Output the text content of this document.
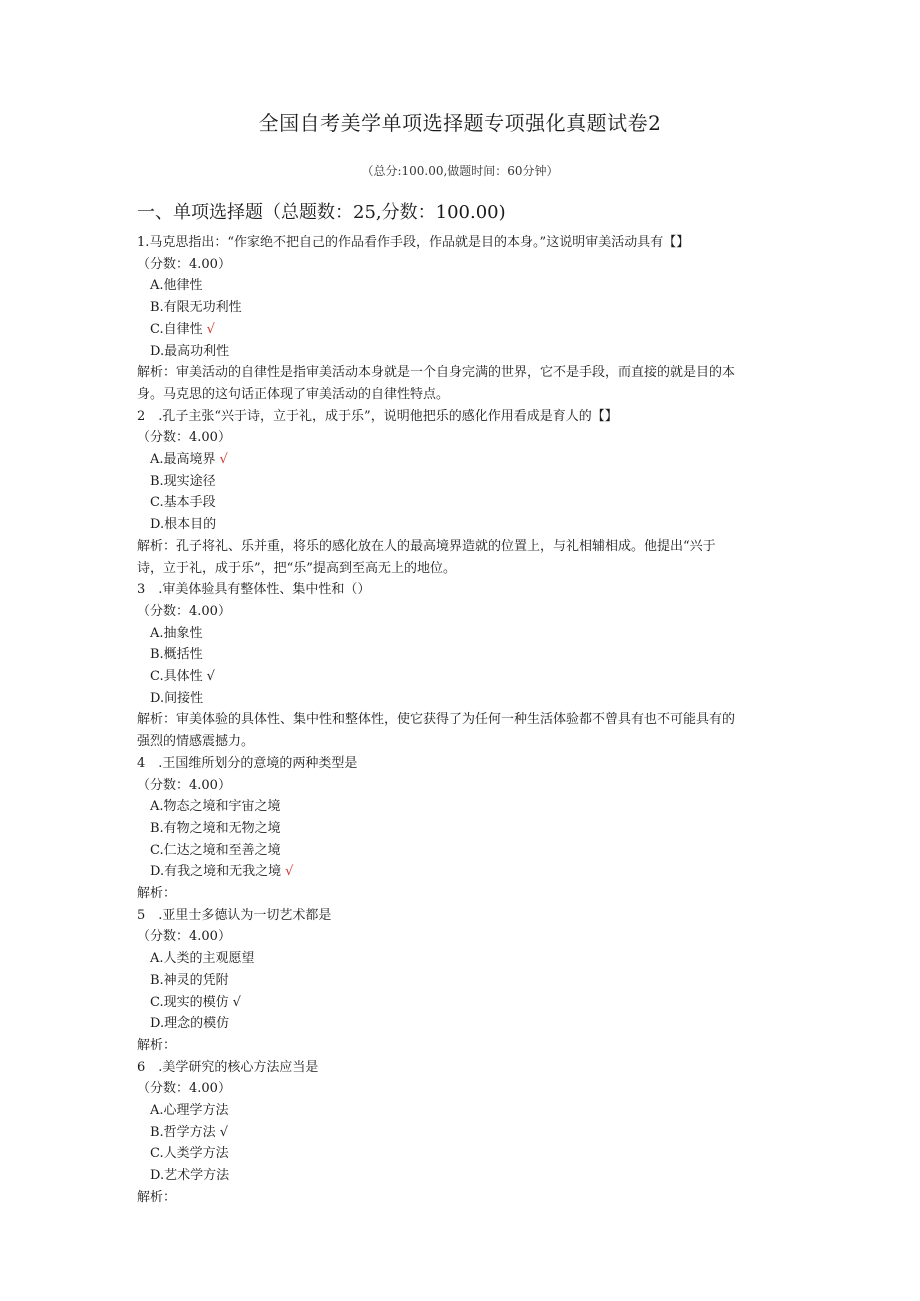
全国自考美学单项选择题专项强化真题试卷2
（总分:100.00,做题时间：60分钟）
一、单项选择题（总题数：25,分数：100.00)
1.马克思指出：“作家绝不把自己的作品看作手段，作品就是目的本身。”这说明审美活动具有【】
（分数：4.00）
A.他律性
B.有限无功利性
C.自律性 √
D.最高功利性
解析：审美活动的自律性是指审美活动本身就是一个自身完满的世界，它不是手段，而直接的就是目的本
身。马克思的这句话正体现了审美活动的自律性特点。
2　.孔子主张“兴于诗，立于礼，成于乐”，说明他把乐的感化作用看成是育人的【】
（分数：4.00）
A.最高境界 √
B.现实途径
C.基本手段
D.根本目的
解析：孔子将礼、乐并重，将乐的感化放在人的最高境界造就的位置上，与礼相辅相成。他提出“兴于
诗，立于礼，成于乐”，把“乐”提高到至高无上的地位。
3　.审美体验具有整体性、集中性和（）
（分数：4.00）
A.抽象性
B.概括性
C.具体性 √
D.间接性
解析：审美体验的具体性、集中性和整体性，使它获得了为任何一种生活体验都不曾具有也不可能具有的
强烈的情感震撼力。
4　.王国维所划分的意境的两种类型是
（分数：4.00）
A.物态之境和宇宙之境
B.有物之境和无物之境
C.仁达之境和至善之境
D.有我之境和无我之境 √
解析：
5　.亚里士多德认为一切艺术都是
（分数：4.00）
A.人类的主观愿望
B.神灵的凭附
C.现实的模仿 √
D.理念的模仿
解析：
6　.美学研究的核心方法应当是
（分数：4.00）
A.心理学方法
B.哲学方法 √
C.人类学方法
D.艺术学方法
解析：
